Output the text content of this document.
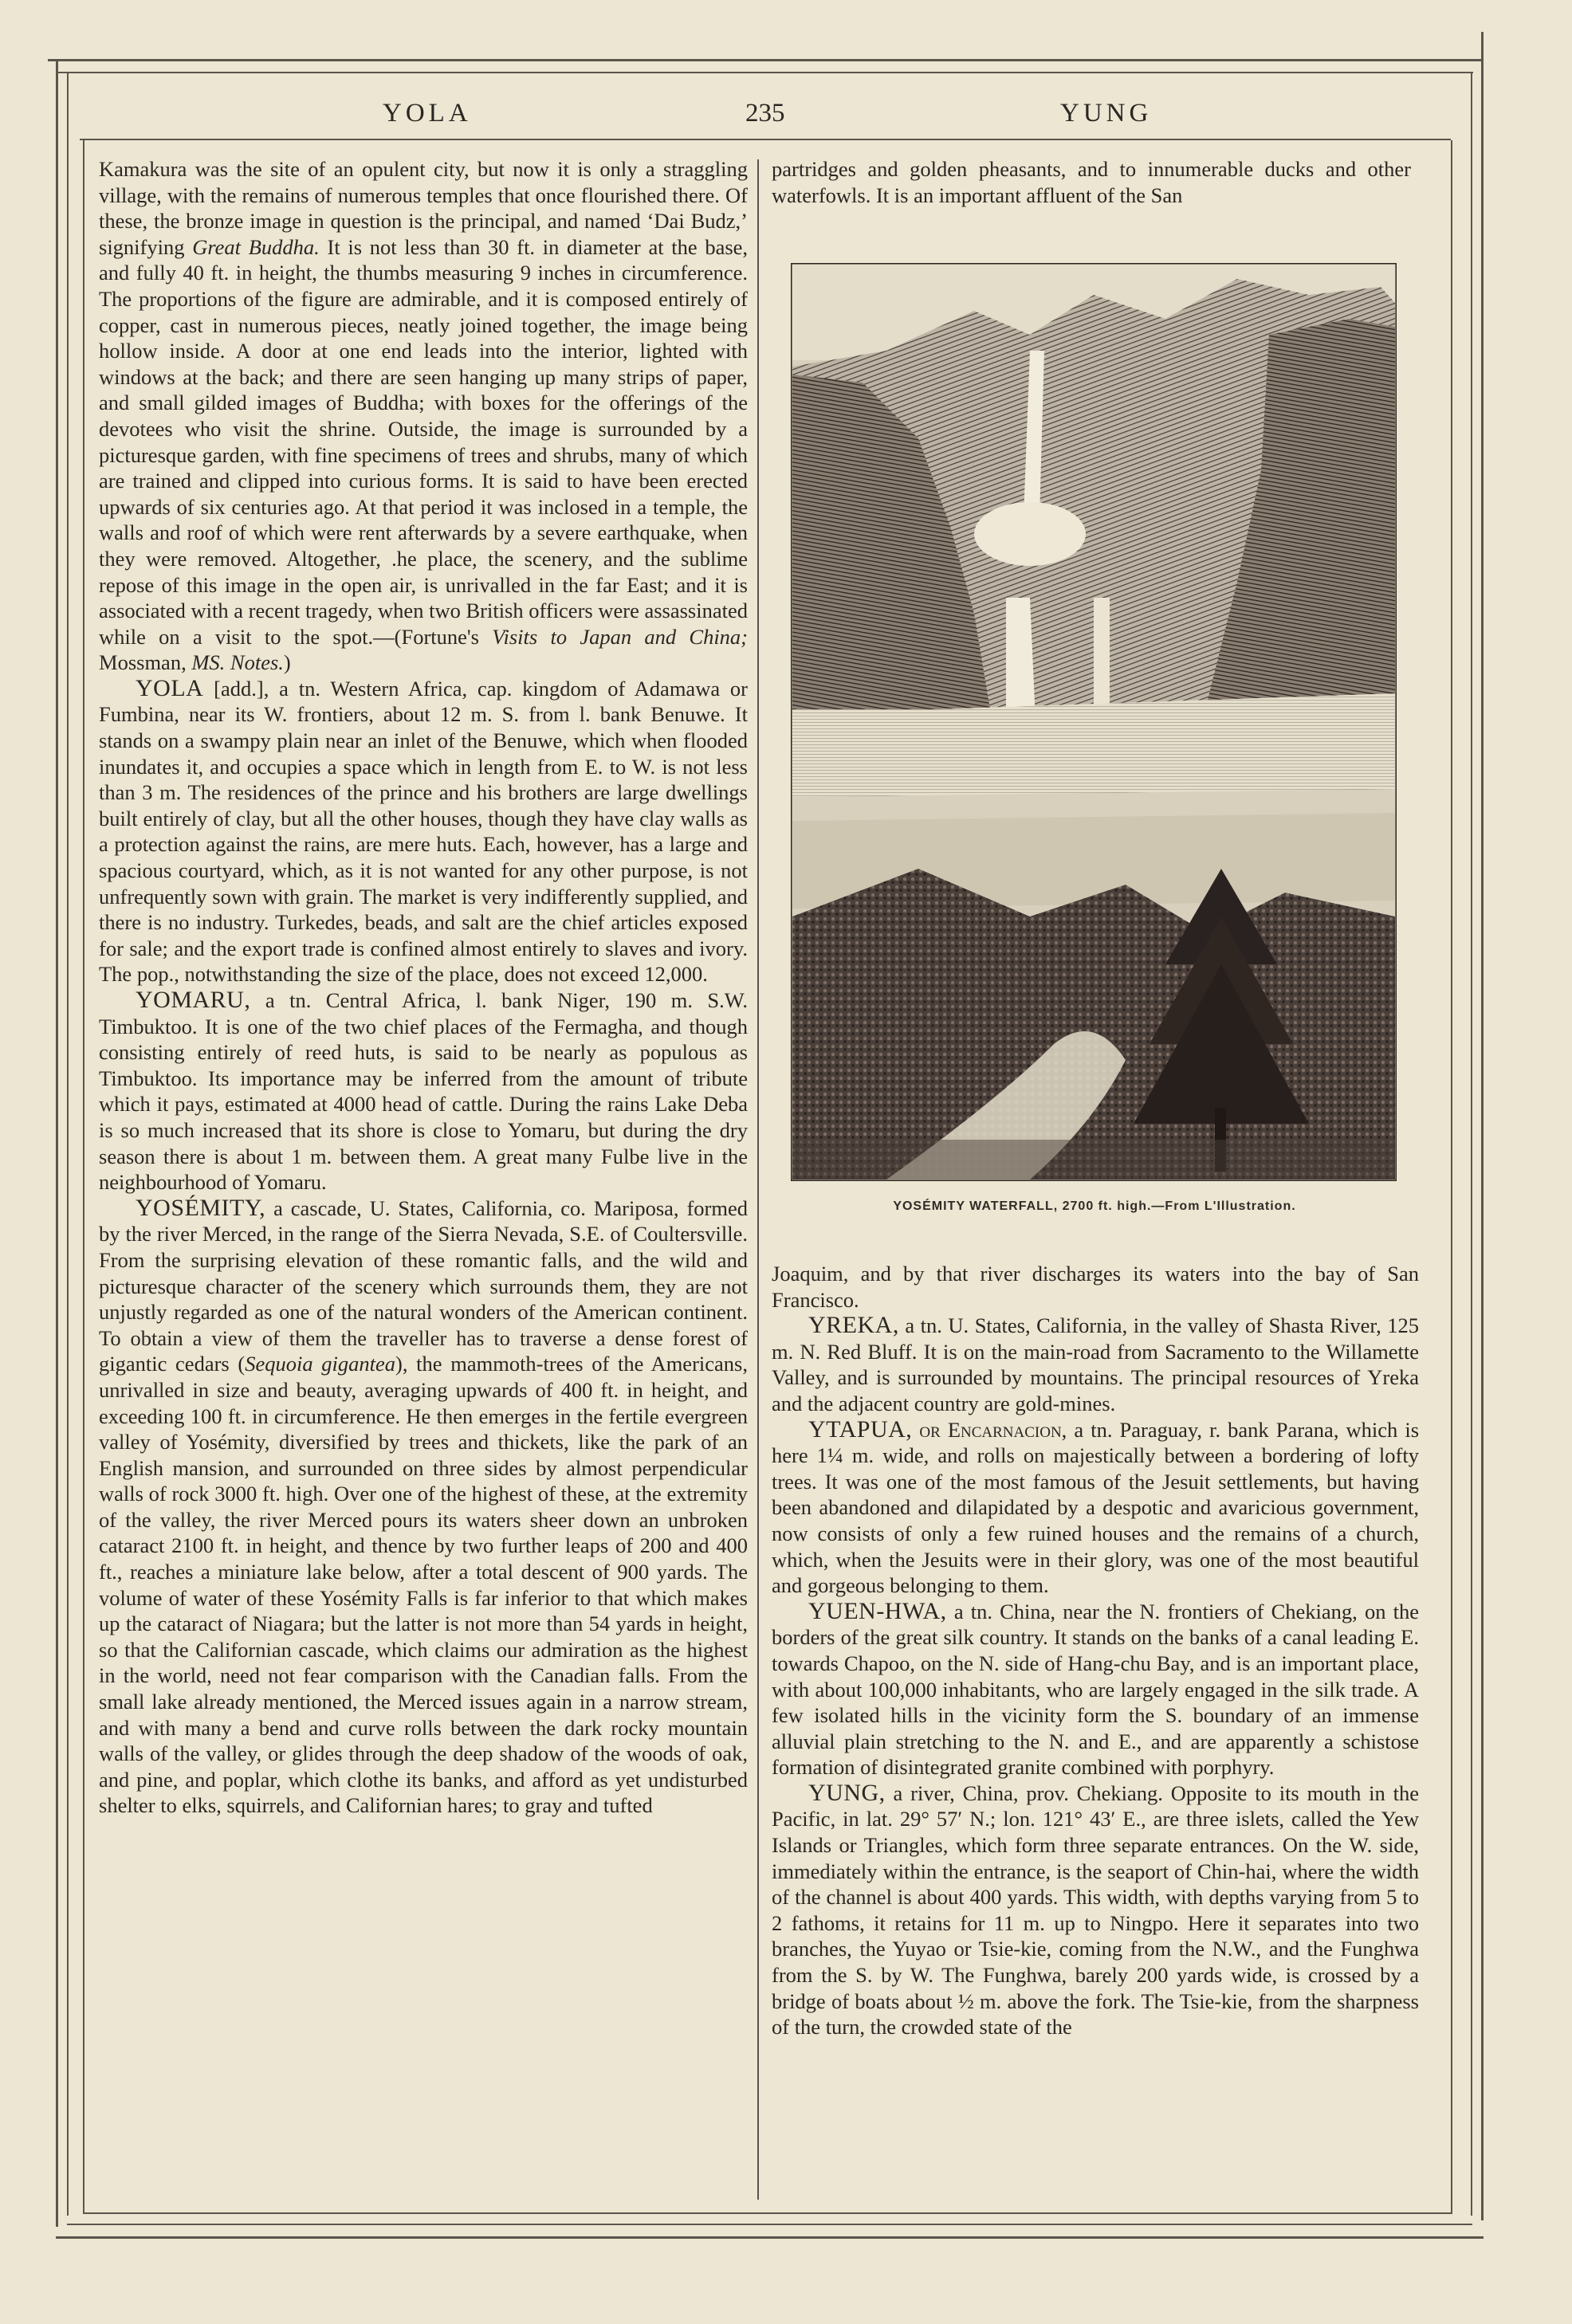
YOLA	235	YUNG

Kamakura was the site of an opulent city, but now it is only a straggling village, with the remains of numerous temples that once flourished there. Of these, the bronze image in question is the principal, and named ‘Dai Budz,’ signifying Great Buddha. It is not less than 30 ft. in diameter at the base, and fully 40 ft. in height, the thumbs measuring 9 inches in circumference. The proportions of the figure are admirable, and it is composed entirely of copper, cast in numerous pieces, neatly joined together, the image being hollow inside. A door at one end leads into the interior, lighted with windows at the back; and there are seen hanging up many strips of paper, and small gilded images of Buddha; with boxes for the offerings of the devotees who visit the shrine. Outside, the image is surrounded by a picturesque garden, with fine specimens of trees and shrubs, many of which are trained and clipped into curious forms. It is said to have been erected upwards of six centuries ago. At that period it was inclosed in a temple, the walls and roof of which were rent afterwards by a severe earthquake, when they were removed. Altogether, .he place, the scenery, and the sublime repose of this image in the open air, is unrivalled in the far East; and it is associated with a recent tragedy, when two British officers were assassinated while on a visit to the spot.—(Fortune's Visits to Japan and China; Mossman, MS. Notes.)

YOLA [add.], a tn. Western Africa, cap. kingdom of Adamawa or Fumbina, near its W. frontiers, about 12 m. S. from l. bank Benuwe. It stands on a swampy plain near an inlet of the Benuwe, which when flooded inundates it, and occupies a space which in length from E. to W. is not less than 3 m. The residences of the prince and his brothers are large dwellings built entirely of clay, but all the other houses, though they have clay walls as a protection against the rains, are mere huts. Each, however, has a large and spacious courtyard, which, as it is not wanted for any other purpose, is not unfrequently sown with grain. The market is very indifferently supplied, and there is no industry. Turkedes, beads, and salt are the chief articles exposed for sale; and the export trade is confined almost entirely to slaves and ivory. The pop., notwithstanding the size of the place, does not exceed 12,000.

YOMARU, a tn. Central Africa, l. bank Niger, 190 m. S.W. Timbuktoo. It is one of the two chief places of the Fermagha, and though consisting entirely of reed huts, is said to be nearly as populous as Timbuktoo. Its importance may be inferred from the amount of tribute which it pays, estimated at 4000 head of cattle. During the rains Lake Deba is so much increased that its shore is close to Yomaru, but during the dry season there is about 1 m. between them. A great many Fulbe live in the neighbourhood of Yomaru.

YOSÉMITY, a cascade, U. States, California, co. Mariposa, formed by the river Merced, in the range of the Sierra Nevada, S.E. of Coultersville. From the surprising elevation of these romantic falls, and the wild and picturesque character of the scenery which surrounds them, they are not unjustly regarded as one of the natural wonders of the American continent. To obtain a view of them the traveller has to traverse a dense forest of gigantic cedars (Sequoia gigantea), the mammoth-trees of the Americans, unrivalled in size and beauty, averaging upwards of 400 ft. in height, and exceeding 100 ft. in circumference. He then emerges in the fertile evergreen valley of Yosémity, diversified by trees and thickets, like the park of an English mansion, and surrounded on three sides by almost perpendicular walls of rock 3000 ft. high. Over one of the highest of these, at the extremity of the valley, the river Merced pours its waters sheer down an unbroken cataract 2100 ft. in height, and thence by two further leaps of 200 and 400 ft., reaches a miniature lake below, after a total descent of 900 yards. The volume of water of these Yosémity Falls is far inferior to that which makes up the cataract of Niagara; but the latter is not more than 54 yards in height, so that the Californian cascade, which claims our admiration as the highest in the world, need not fear comparison with the Canadian falls. From the small lake already mentioned, the Merced issues again in a narrow stream, and with many a bend and curve rolls between the dark rocky mountain walls of the valley, or glides through the deep shadow of the woods of oak, and pine, and poplar, which clothe its banks, and afford as yet undisturbed shelter to elks, squirrels, and Californian hares; to gray and tufted

partridges and golden pheasants, and to innumerable ducks and other waterfowls. It is an important affluent of the San

YOSÉMITY WATERFALL, 2700 ft. high.—From L'Illustration.

Joaquim, and by that river discharges its waters into the bay of San Francisco.

YREKA, a tn. U. States, California, in the valley of Shasta River, 125 m. N. Red Bluff. It is on the main-road from Sacramento to the Willamette Valley, and is surrounded by mountains. The principal resources of Yreka and the adjacent country are gold-mines.

YTAPUA, or Encarnacion, a tn. Paraguay, r. bank Parana, which is here 1¼ m. wide, and rolls on majestically between a bordering of lofty trees. It was one of the most famous of the Jesuit settlements, but having been abandoned and dilapidated by a despotic and avaricious government, now consists of only a few ruined houses and the remains of a church, which, when the Jesuits were in their glory, was one of the most beautiful and gorgeous belonging to them.

YUEN-HWA, a tn. China, near the N. frontiers of Chekiang, on the borders of the great silk country. It stands on the banks of a canal leading E. towards Chapoo, on the N. side of Hang-chu Bay, and is an important place, with about 100,000 inhabitants, who are largely engaged in the silk trade. A few isolated hills in the vicinity form the S. boundary of an immense alluvial plain stretching to the N. and E., and are apparently a schistose formation of disintegrated granite combined with porphyry.

YUNG, a river, China, prov. Chekiang. Opposite to its mouth in the Pacific, in lat. 29° 57′ N.; lon. 121° 43′ E., are three islets, called the Yew Islands or Triangles, which form three separate entrances. On the W. side, immediately within the entrance, is the seaport of Chin-hai, where the width of the channel is about 400 yards. This width, with depths varying from 5 to 2 fathoms, it retains for 11 m. up to Ningpo. Here it separates into two branches, the Yuyao or Tsie-kie, coming from the N.W., and the Funghwa from the S. by W. The Funghwa, barely 200 yards wide, is crossed by a bridge of boats about ½ m. above the fork. The Tsie-kie, from the sharpness of the turn, the crowded state of the
